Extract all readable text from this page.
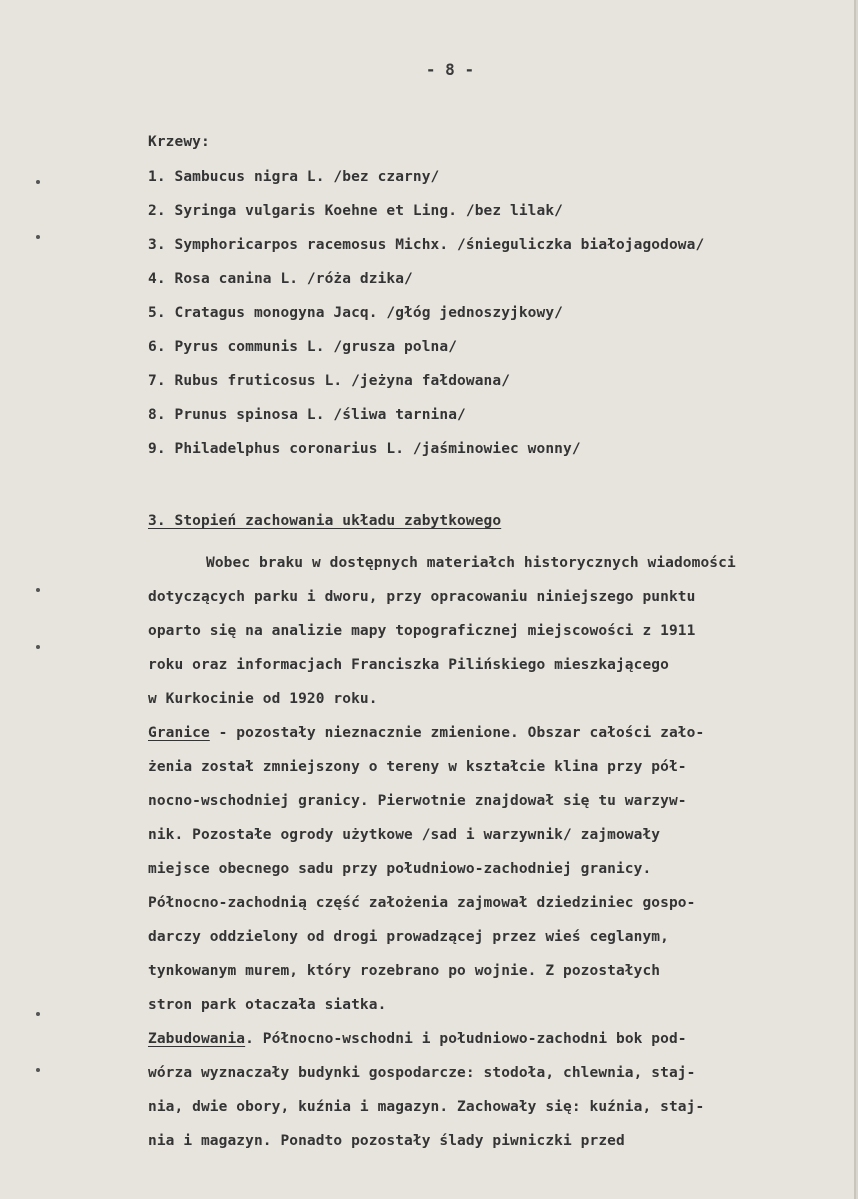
- 8 -
Krzewy:
1. Sambucus nigra L. /bez czarny/
2. Syringa vulgaris Koehne et Ling. /bez lilak/
3. Symphoricarpos racemosus Michx. /śnieguliczka białojagodowa/
4. Rosa canina L. /róża dzika/
5. Cratagus monogyna Jacq. /głóg jednoszyjkowy/
6. Pyrus communis L. /grusza polna/
7. Rubus fruticosus L. /jeżyna fałdowana/
8. Prunus spinosa L. /śliwa tarnina/
9. Philadelphus coronarius L. /jaśminowiec wonny/
3. Stopień zachowania układu zabytkowego
Wobec braku w dostępnych materiałch historycznych wiadomości
dotyczących parku i dworu, przy opracowaniu niniejszego punktu
oparto się na analizie mapy topograficznej miejscowości z 1911
roku oraz informacjach Franciszka Pilińskiego mieszkającego
w Kurkocinie od 1920 roku.
Granice - pozostały nieznacznie zmienione. Obszar całości zało-
żenia został zmniejszony o tereny w kształcie klina przy pół-
nocno-wschodniej granicy. Pierwotnie znajdował się tu warzyw-
nik. Pozostałe ogrody użytkowe /sad i warzywnik/ zajmowały
miejsce obecnego sadu przy południowo-zachodniej granicy.
Północno-zachodnią część założenia zajmował dziedziniec gospo-
darczy oddzielony od drogi prowadzącej przez wieś ceglanym,
tynkowanym murem, który rozebrano po wojnie. Z pozostałych
stron park otaczała siatka.
Zabudowania. Północno-wschodni i południowo-zachodni bok pod-
wórza wyznaczały budynki gospodarcze: stodoła, chlewnia, staj-
nia, dwie obory, kuźnia i magazyn. Zachowały się: kuźnia, staj-
nia i magazyn. Ponadto pozostały ślady piwniczki przed
